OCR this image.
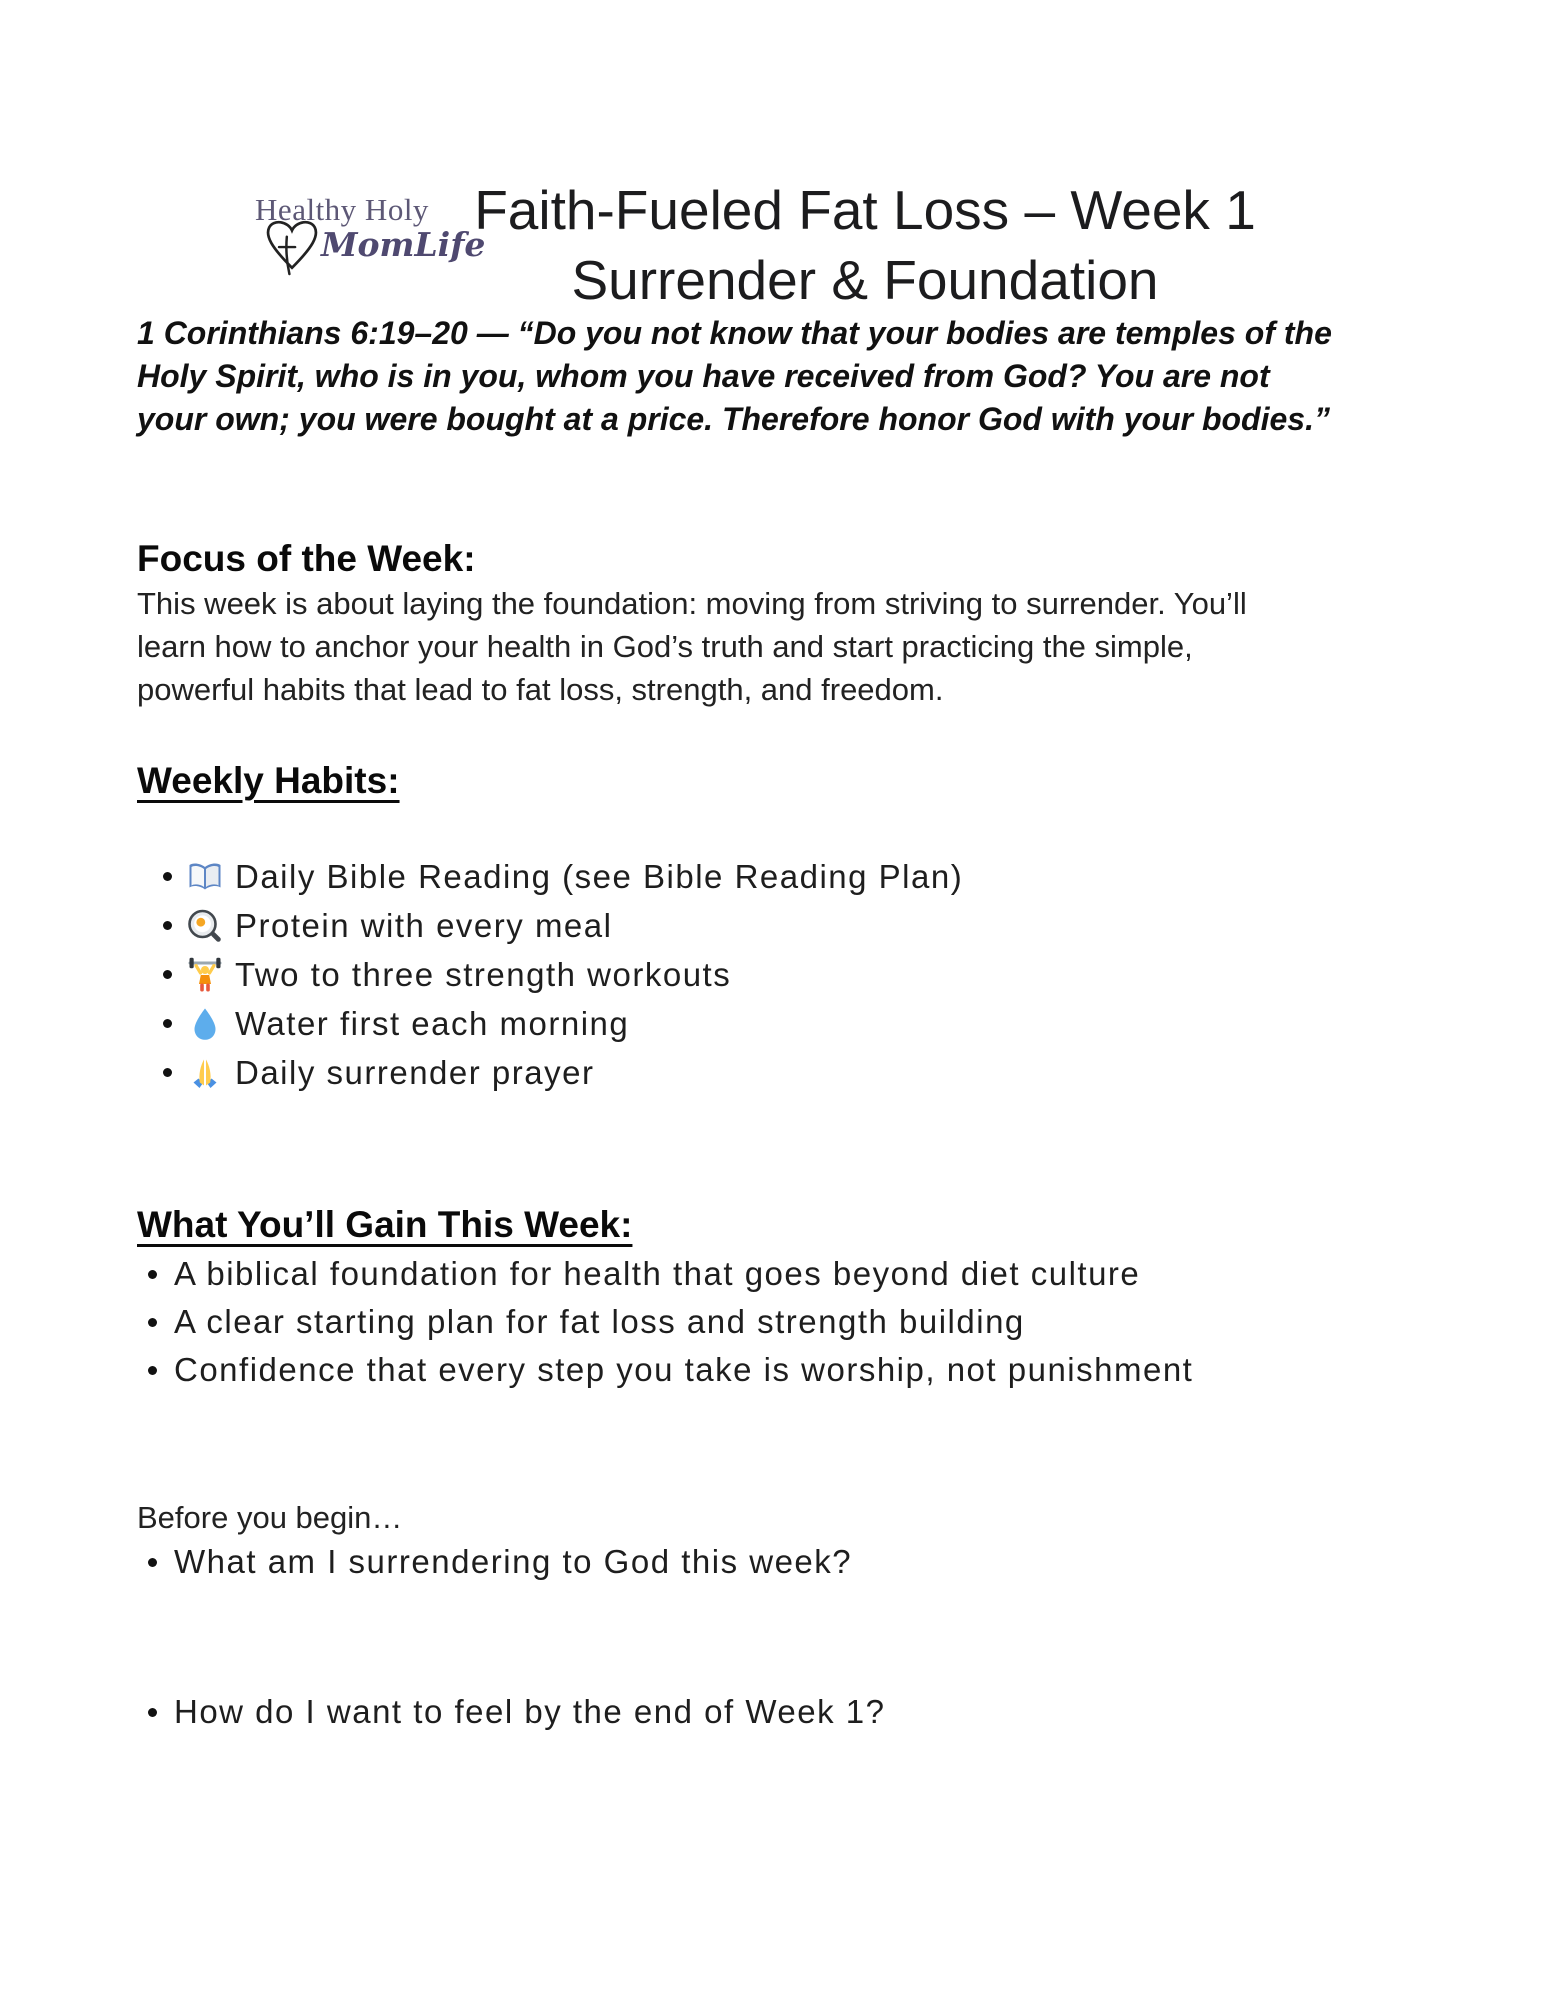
Healthy Holy
MomLife
Faith-Fueled Fat Loss – Week 1
Surrender & Foundation
1 Corinthians 6:19–20 — “Do you not know that your bodies are temples of the Holy Spirit, who is in you, whom you have received from God? You are not your own; you were bought at a price. Therefore honor God with your bodies.”
Focus of the Week:
This week is about laying the foundation: moving from striving to surrender. You’ll learn how to anchor your health in God’s truth and start practicing the simple, powerful habits that lead to fat loss, strength, and freedom.
Weekly Habits:
Daily Bible Reading (see Bible Reading Plan)
Protein with every meal
Two to three strength workouts
Water first each morning
Daily surrender prayer
What You’ll Gain This Week:
A biblical foundation for health that goes beyond diet culture
A clear starting plan for fat loss and strength building
Confidence that every step you take is worship, not punishment
Before you begin…
What am I surrendering to God this week?
How do I want to feel by the end of Week 1?
